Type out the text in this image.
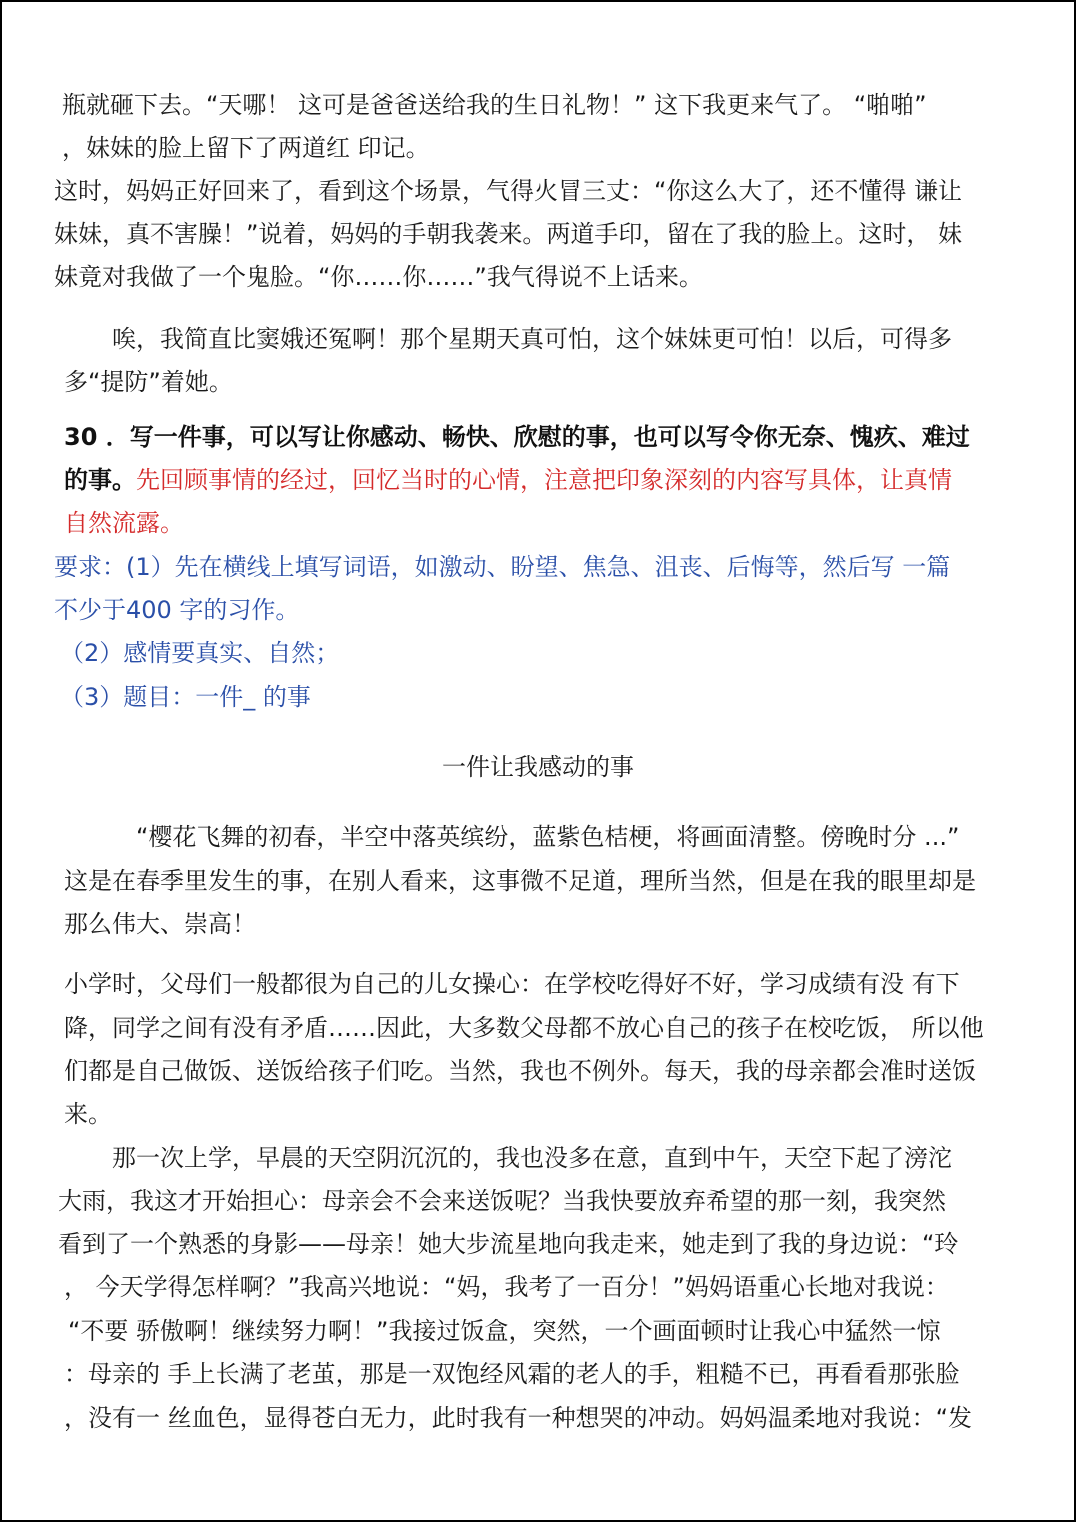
瓶就砸下去。“天哪！ 这可是爸爸送给我的生日礼物！” 这下我更来气了。 “啪啪”
，妹妹的脸上留下了两道红 印记。
这时，妈妈正好回来了，看到这个场景，气得火冒三丈：“你这么大了，还不懂得 谦让
妹妹，真不害臊！”说着，妈妈的手朝我袭来。两道手印，留在了我的脸上。这时， 妹
妹竟对我做了一个鬼脸。“你……你……”我气得说不上话来。
唉，我简直比窦娥还冤啊！那个星期天真可怕，这个妹妹更可怕！以后，可得多
多“提防”着她。
30 ．写一件事，可以写让你感动、畅快、欣慰的事，也可以写令你无奈、愧疚、难过
的事。先回顾事情的经过，回忆当时的心情，注意把印象深刻的内容写具体，让真情
自然流露。
要求：(1）先在横线上填写词语，如激动、盼望、焦急、沮丧、后悔等，然后写 一篇
不少于400 字的习作。
（2）感情要真实、自然；
（3）题目：一件_ 的事
一件让我感动的事
“樱花飞舞的初春，半空中落英缤纷，蓝紫色桔梗，将画面清整。傍晚时分 ...”
这是在春季里发生的事，在别人看来，这事微不足道，理所当然，但是在我的眼里却是
那么伟大、崇高！
小学时，父母们一般都很为自己的儿女操心：在学校吃得好不好，学习成绩有没 有下
降，同学之间有没有矛盾……因此，大多数父母都不放心自己的孩子在校吃饭， 所以他
们都是自己做饭、送饭给孩子们吃。当然，我也不例外。每天，我的母亲都会准时送饭
来。
那一次上学，早晨的天空阴沉沉的，我也没多在意，直到中午，天空下起了滂沱
大雨，我这才开始担心：母亲会不会来送饭呢？当我快要放弃希望的那一刻，我突然
看到了一个熟悉的身影——母亲！她大步流星地向我走来，她走到了我的身边说：“玲
， 今天学得怎样啊？”我高兴地说：“妈，我考了一百分！”妈妈语重心长地对我说：
“不要 骄傲啊！继续努力啊！”我接过饭盒，突然，一个画面顿时让我心中猛然一惊
：母亲的 手上长满了老茧，那是一双饱经风霜的老人的手，粗糙不已，再看看那张脸
，没有一 丝血色，显得苍白无力，此时我有一种想哭的冲动。妈妈温柔地对我说：“发
